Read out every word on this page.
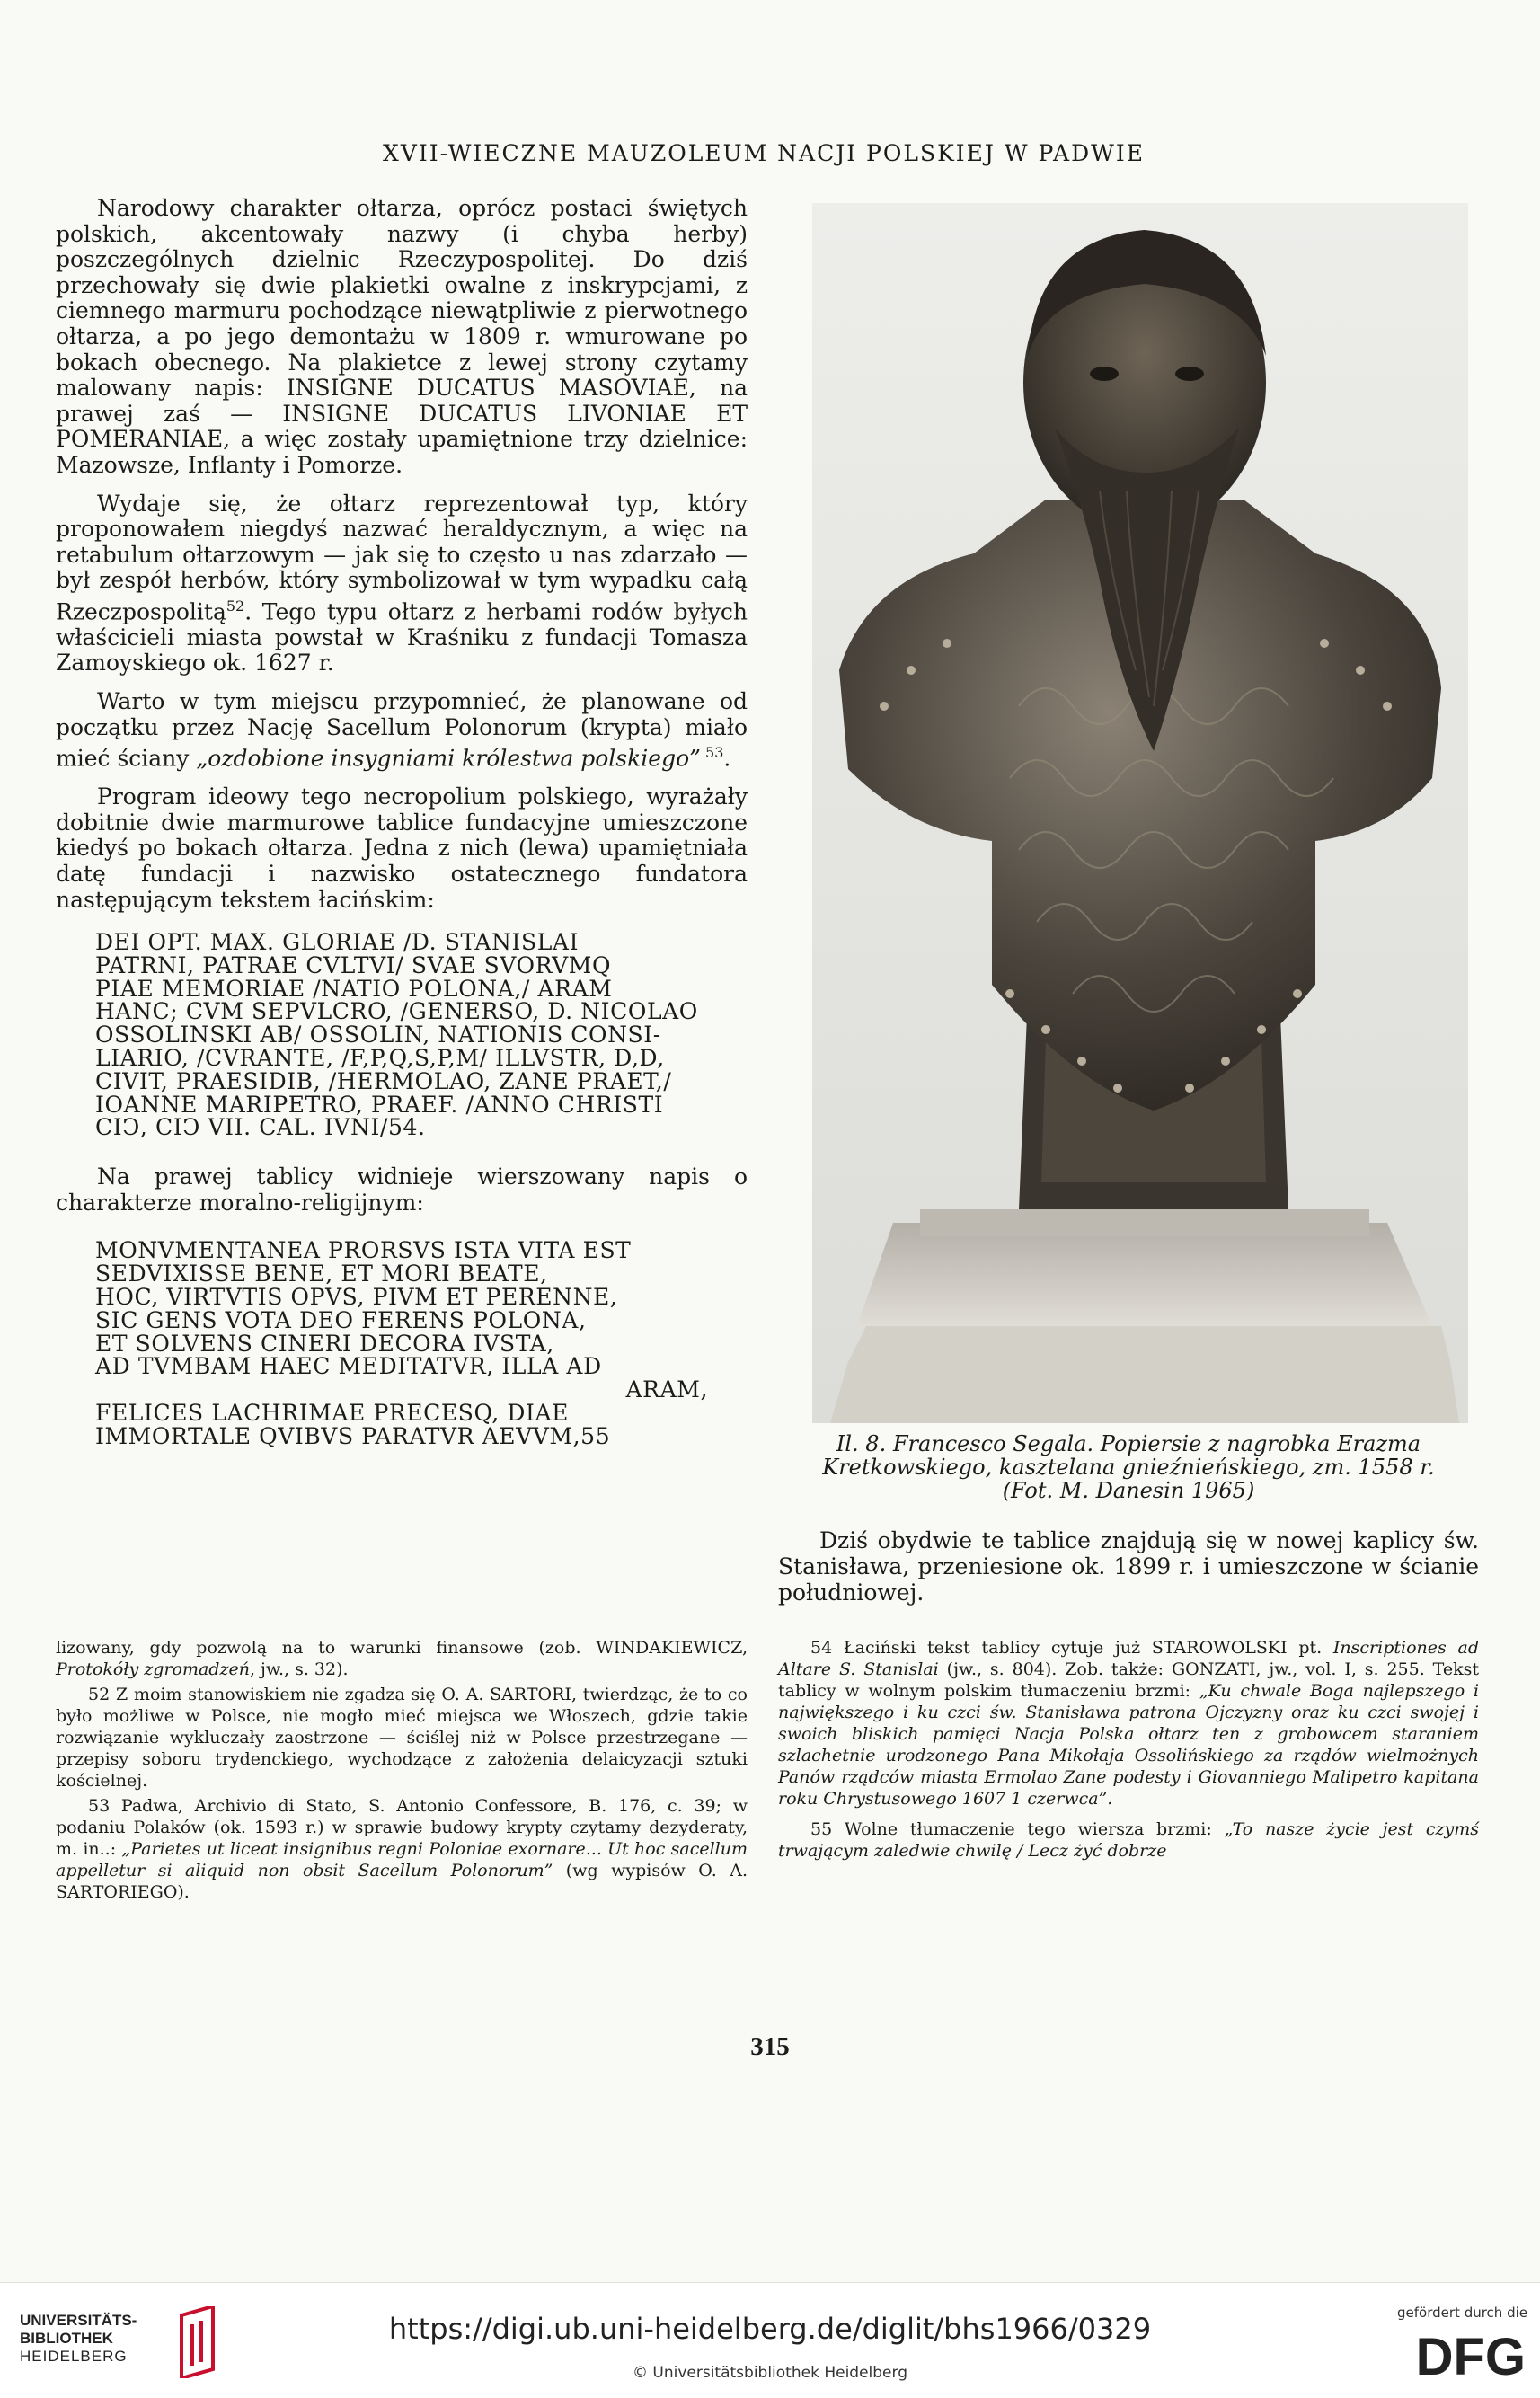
XVII-WIECZNE MAUZOLEUM NACJI POLSKIEJ W PADWIE

Narodowy charakter ołtarza, oprócz postaci świętych polskich, akcentowały nazwy (i chyba herby) poszczególnych dzielnic Rzeczypospolitej. Do dziś przechowały się dwie plakietki owalne z inskrypcjami, z ciemnego marmuru pochodzące niewątpliwie z pierwotnego ołtarza, a po jego demontażu w 1809 r. wmurowane po bokach obecnego. Na plakietce z lewej strony czytamy malowany napis: INSIGNE DUCATUS MASOVIAE, na prawej zaś — INSIGNE DUCATUS LIVONIAE ET POMERANIAE, a więc zostały upamiętnione trzy dzielnice: Mazowsze, Inflanty i Pomorze.

Wydaje się, że ołtarz reprezentował typ, który proponowałem niegdyś nazwać heraldycznym, a więc na retabulum ołtarzowym — jak się to często u nas zdarzało — był zespół herbów, który symbolizował w tym wypadku całą Rzeczpospolitą$^{52}$. Tego typu ołtarz z herbami rodów byłych właścicieli miasta powstał w Kraśniku z fundacji Tomasza Zamoyskiego ok. 1627 r.

Warto w tym miejscu przypomnieć, że planowane od początku przez Nację Sacellum Polonorum (krypta) miało mieć ściany „ozdobione insygniami królestwa polskiego” $^{53}$.

Program ideowy tego necropolium polskiego, wyrażały dobitnie dwie marmurowe tablice fundacyjne umieszczone kiedyś po bokach ołtarza. Jedna z nich (lewa) upamiętniała datę fundacji i nazwisko ostatecznego fundatora następującym tekstem łacińskim:

DEI OPT. MAX. GLORIAE /D. STANISLAI
PATRNI, PATRAE CVLTVI/ SVAE SVORVMQ
PIAE MEMORIAE /NATIO POLONA,/ ARAM
HANC; CVM SEPVLCRO, /GENERSO, D. NICOLAO
OSSOLINSKI AB/ OSSOLIN, NATIONIS CONSI-
LIARIO, /CVRANTE, /F,P,Q,S,P,M/ ILLVSTR, D,D,
CIVIT, PRAESIDIB, /HERMOLAO, ZANE PRAET,/
IOANNE MARIPETRO, PRAEF. /ANNO CHRISTI
CIↃ, CIↃ VII. CAL. IVNI/54.

Na prawej tablicy widnieje wierszowany napis o charakterze moralno-religijnym:

MONVMENTANEA PRORSVS ISTA VITA EST
SEDVIXISSE BENE, ET MORI BEATE,
HOC, VIRTVTIS OPVS, PIVM ET PERENNE,
SIC GENS VOTA DEO FERENS POLONA,
ET SOLVENS CINERI DECORA IVSTA,
AD TVMBAM HAEC MEDITATVR, ILLA AD
ARAM,
FELICES LACHRIMAE PRECESQ, DIAE
IMMORTALE QVIBVS PARATVR AEVVM,55	Il. 8. Francesco Segala. Popiersie z nagrobka Erazma
Kretkowskiego, kasztelana gnieźnieńskiego, zm. 1558 r.
(Fot. M. Danesin 1965)

Dziś obydwie te tablice znajdują się w nowej kaplicy św. Stanisława, przeniesione ok. 1899 r. i umieszczone w ścianie południowej.

lizowany, gdy pozwolą na to warunki finansowe (zob. WINDAKIEWICZ, Protokóły zgromadzeń, jw., s. 32).

52 Z moim stanowiskiem nie zgadza się O. A. SARTORI, twierdząc, że to co było możliwe w Polsce, nie mogło mieć miejsca we Włoszech, gdzie takie rozwiązanie wykluczały zaostrzone — ściślej niż w Polsce przestrzegane — przepisy soboru trydenckiego, wychodzące z założenia delaicyzacji sztuki kościelnej.

53 Padwa, Archivio di Stato, S. Antonio Confessore, B. 176, c. 39; w podaniu Polaków (ok. 1593 r.) w sprawie budowy krypty czytamy dezyderaty, m. in..: „Parietes ut liceat insignibus regni Poloniae exornare... Ut hoc sacellum appelletur si aliquid non obsit Sacellum Polonorum” (wg wypisów O. A. SARTORIEGO).

54 Łaciński tekst tablicy cytuje już STAROWOLSKI pt. Inscriptiones ad Altare S. Stanislai (jw., s. 804). Zob. także: GONZATI, jw., vol. I, s. 255. Tekst tablicy w wolnym polskim tłumaczeniu brzmi: „Ku chwale Boga najlepszego i największego i ku czci św. Stanisława patrona Ojczyzny oraz ku czci swojej i swoich bliskich pamięci Nacja Polska ołtarz ten z grobowcem staraniem szlachetnie urodzonego Pana Mikołaja Ossolińskiego za rządów wielmożnych Panów rządców miasta Ermolao Zane podesty i Giovanniego Malipetro kapitana roku Chrystusowego 1607 1 czerwca”.

55 Wolne tłumaczenie tego wiersza brzmi: „To nasze życie jest czymś trwającym zaledwie chwilę / Lecz żyć dobrze

315
UNIVERSITÄTS-
BIBLIOTHEK
HEIDELBERG
https://digi.ub.uni-heidelberg.de/diglit/bhs1966/0329
© Universitätsbibliothek Heidelberg
gefördert durch die
DFG
